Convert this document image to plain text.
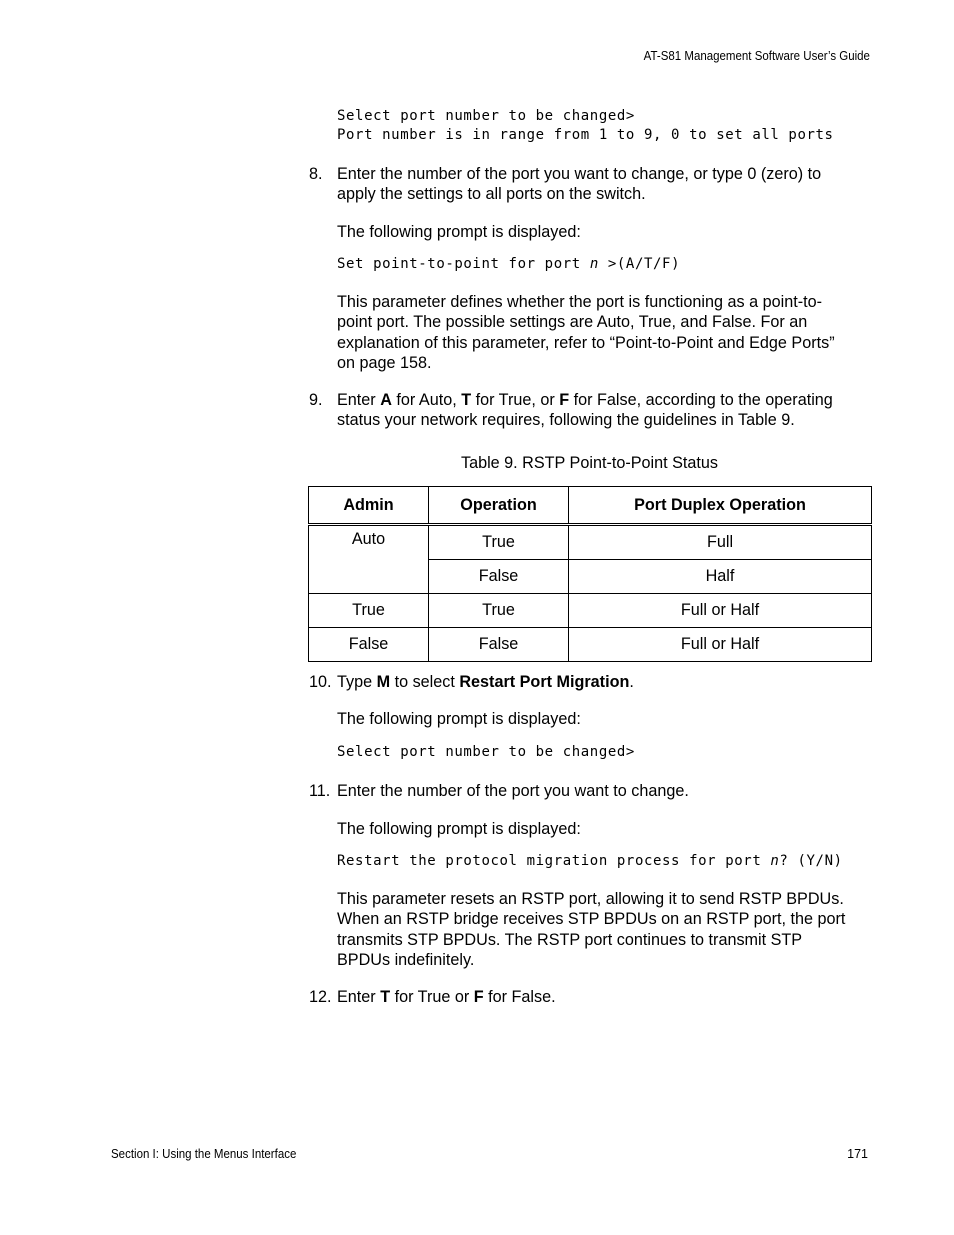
AT-S81 Management Software User’s Guide
Select port number to be changed>
Port number is in range from 1 to 9, 0 to set all ports
8. Enter the number of the port you want to change, or type 0 (zero) to
apply the settings to all ports on the switch.
The following prompt is displayed:
Set point-to-point for port n >(A/T/F)
This parameter defines whether the port is functioning as a point-to-
point port. The possible settings are Auto, True, and False. For an
explanation of this parameter, refer to “Point-to-Point and Edge Ports”
on page 158.
9. Enter A for Auto, T for True, or F for False, according to the operating
status your network requires, following the guidelines in Table 9.
Table 9. RSTP Point-to-Point Status
Admin	Operation	Port Duplex Operation
Auto	True	Full
	False	Half
True	True	Full or Half
False	False	Full or Half
10. Type M to select Restart Port Migration.
The following prompt is displayed:
Select port number to be changed>
11. Enter the number of the port you want to change.
The following prompt is displayed:
Restart the protocol migration process for port n? (Y/N)
This parameter resets an RSTP port, allowing it to send RSTP BPDUs.
When an RSTP bridge receives STP BPDUs on an RSTP port, the port
transmits STP BPDUs. The RSTP port continues to transmit STP
BPDUs indefinitely.
12. Enter T for True or F for False.
Section I: Using the Menus Interface	171
